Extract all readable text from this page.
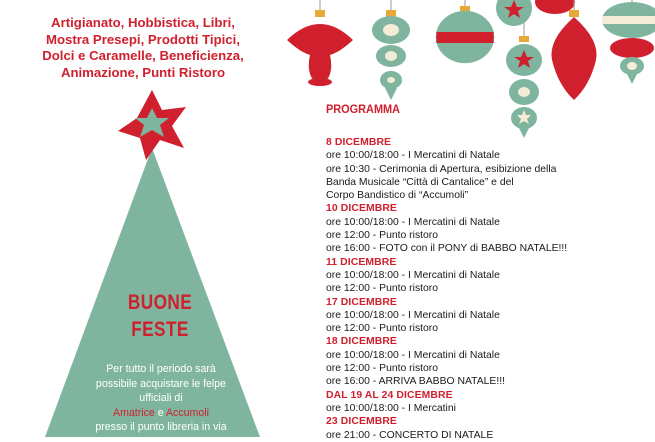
Artigianato, Hobbistica, Libri,
Mostra Presepi, Prodotti Tipici,
Dolci e Caramelle, Beneficienza,
Animazione, Punti Ristoro
BUONE
FESTE
Per tutto il periodo sarà
possibile acquistare le felpe
ufficiali di
Amatrice e Accumoli
presso il punto libreria in via
PROGRAMMA
8 DICEMBRE
ore 10:00/18:00 - I Mercatini di Natale
ore 10:30 - Cerimonia di Apertura, esibizione della
Banda Musicale “Città di Cantalice” e del
Corpo Bandistico di “Accumoli”
10 DICEMBRE
ore 10:00/18:00 - I Mercatini di Natale
ore 12:00 - Punto ristoro
ore 16:00 - FOTO con il PONY di BABBO NATALE!!!
11 DICEMBRE
ore 10:00/18:00 - I Mercatini di Natale
ore 12:00 - Punto ristoro
17 DICEMBRE
ore 10:00/18:00 - I Mercatini di Natale
ore 12:00 - Punto ristoro
18 DICEMBRE
ore 10:00/18:00 - I Mercatini di Natale
ore 12:00 - Punto ristoro
ore 16:00 - ARRIVA BABBO NATALE!!!
DAL 19 AL 24 DICEMBRE
ore 10:00/18:00 - I Mercatini
23 DICEMBRE
ore 21:00 - CONCERTO DI NATALE
